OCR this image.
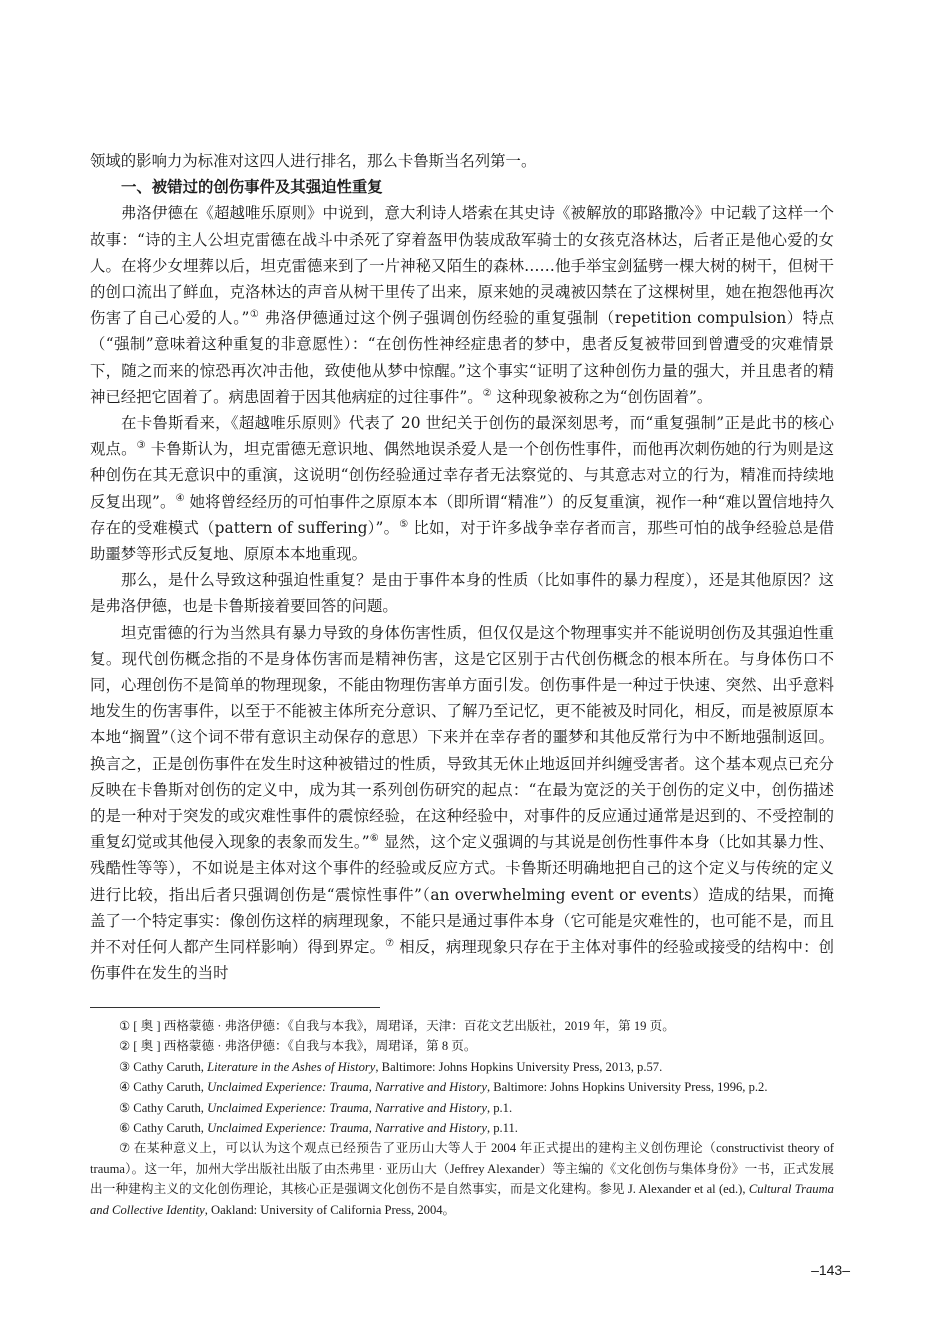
领域的影响力为标准对这四人进行排名，那么卡鲁斯当名列第一。

一、被错过的创伤事件及其强迫性重复

弗洛伊德在《超越唯乐原则》中说到，意大利诗人塔索在其史诗《被解放的耶路撒冷》中记载了这样一个故事：“诗的主人公坦克雷德在战斗中杀死了穿着盔甲伪装成敌军骑士的女孩克洛林达，后者正是他心爱的女人。在将少女埋葬以后，坦克雷德来到了一片神秘又陌生的森林……他手举宝剑猛劈一棵大树的树干，但树干的创口流出了鲜血，克洛林达的声音从树干里传了出来，原来她的灵魂被囚禁在了这棵树里，她在抱怨他再次伤害了自己心爱的人。”① 弗洛伊德通过这个例子强调创伤经验的重复强制（repetition compulsion）特点（“强制”意味着这种重复的非意愿性）：“在创伤性神经症患者的梦中，患者反复被带回到曾遭受的灾难情景下，随之而来的惊恐再次冲击他，致使他从梦中惊醒。”这个事实“证明了这种创伤力量的强大，并且患者的精神已经把它固着了。病患固着于因其他病症的过往事件”。② 这种现象被称之为“创伤固着”。

在卡鲁斯看来，《超越唯乐原则》代表了 20 世纪关于创伤的最深刻思考，而“重复强制”正是此书的核心观点。③ 卡鲁斯认为，坦克雷德无意识地、偶然地误杀爱人是一个创伤性事件，而他再次刺伤她的行为则是这种创伤在其无意识中的重演，这说明“创伤经验通过幸存者无法察觉的、与其意志对立的行为，精准而持续地反复出现”。④ 她将曾经经历的可怕事件之原原本本（即所谓“精准”）的反复重演，视作一种“难以置信地持久存在的受难模式（pattern of suffering）”。⑤ 比如，对于许多战争幸存者而言，那些可怕的战争经验总是借助噩梦等形式反复地、原原本本地重现。

那么，是什么导致这种强迫性重复？是由于事件本身的性质（比如事件的暴力程度），还是其他原因？这是弗洛伊德，也是卡鲁斯接着要回答的问题。

坦克雷德的行为当然具有暴力导致的身体伤害性质，但仅仅是这个物理事实并不能说明创伤及其强迫性重复。现代创伤概念指的不是身体伤害而是精神伤害，这是它区别于古代创伤概念的根本所在。与身体伤口不同，心理创伤不是简单的物理现象，不能由物理伤害单方面引发。创伤事件是一种过于快速、突然、出乎意料地发生的伤害事件，以至于不能被主体所充分意识、了解乃至记忆，更不能被及时同化，相反，而是被原原本本地“搁置”（这个词不带有意识主动保存的意思）下来并在幸存者的噩梦和其他反常行为中不断地强制返回。换言之，正是创伤事件在发生时这种被错过的性质，导致其无休止地返回并纠缠受害者。这个基本观点已充分反映在卡鲁斯对创伤的定义中，成为其一系列创伤研究的起点：“在最为宽泛的关于创伤的定义中，创伤描述的是一种对于突发的或灾难性事件的震惊经验，在这种经验中，对事件的反应通过通常是迟到的、不受控制的重复幻觉或其他侵入现象的表象而发生。”⑥ 显然，这个定义强调的与其说是创伤性事件本身（比如其暴力性、残酷性等等），不如说是主体对这个事件的经验或反应方式。卡鲁斯还明确地把自己的这个定义与传统的定义进行比较，指出后者只强调创伤是“震惊性事件”（an overwhelming event or events）造成的结果，而掩盖了一个特定事实：像创伤这样的病理现象，不能只是通过事件本身（它可能是灾难性的，也可能不是，而且并不对任何人都产生同样影响）得到界定。⑦ 相反，病理现象只存在于主体对事件的经验或接受的结构中：创伤事件在发生的当时

① [ 奥 ] 西格蒙德 · 弗洛伊德：《自我与本我》，周珺译，天津：百花文艺出版社，2019 年，第 19 页。

② [ 奥 ] 西格蒙德 · 弗洛伊德：《自我与本我》，周珺译，第 8 页。

③ Cathy Caruth, Literature in the Ashes of History, Baltimore: Johns Hopkins University Press, 2013, p.57.

④ Cathy Caruth, Unclaimed Experience: Trauma, Narrative and History, Baltimore: Johns Hopkins University Press, 1996, p.2.

⑤ Cathy Caruth, Unclaimed Experience: Trauma, Narrative and History, p.1.

⑥ Cathy Caruth, Unclaimed Experience: Trauma, Narrative and History, p.11.

⑦ 在某种意义上，可以认为这个观点已经预告了亚历山大等人于 2004 年正式提出的建构主义创伤理论（constructivist theory of trauma）。这一年，加州大学出版社出版了由杰弗里 · 亚历山大（Jeffrey Alexander）等主编的《文化创伤与集体身份》一书，正式发展出一种建构主义的文化创伤理论，其核心正是强调文化创伤不是自然事实，而是文化建构。参见 J. Alexander et al (ed.), Cultural Trauma and Collective Identity, Oakland: University of California Press, 2004。

–143–
